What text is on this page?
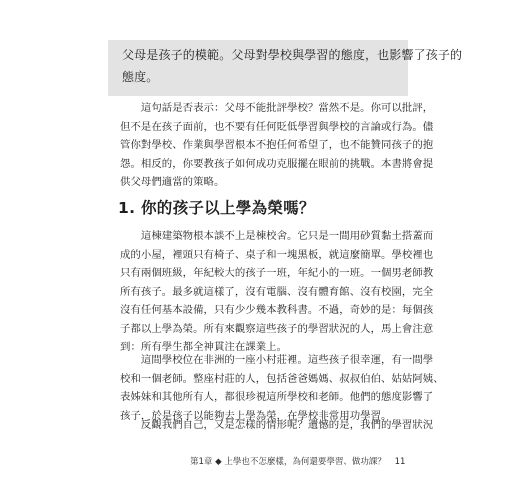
父母是孩子的模範。父母對學校與學習的態度，也影響了孩子的
態度。

　　這句話是否表示：父母不能批評學校？當然不是。你可以批評，
但不是在孩子面前，也不要有任何貶低學習與學校的言論或行為。儘
管你對學校、作業與學習根本不抱任何希望了，也不能贊同孩子的抱
怨。相反的，你要教孩子如何成功克服擺在眼前的挑戰。本書將會提
供父母們適當的策略。

1. 你的孩子以上學為榮嗎？

　　這棟建築物根本談不上是棟校舍。它只是一間用砂質黏土搭蓋而
成的小屋，裡頭只有椅子、桌子和一塊黑板，就這麼簡單。學校裡也
只有兩個班級，年紀較大的孩子一班，年紀小的一班。一個男老師教
所有孩子。最多就這樣了，沒有電腦、沒有體育館、沒有校園，完全
沒有任何基本設備，只有少少幾本教科書。不過，奇妙的是：每個孩
子都以上學為榮。所有來觀察這些孩子的學習狀況的人，馬上會注意
到：所有學生都全神貫注在課業上。

　　這間學校位在非洲的一座小村莊裡。這些孩子很幸運，有一間學
校和一個老師。整座村莊的人，包括爸爸媽媽、叔叔伯伯、姑姑阿姨、
表姊妹和其他所有人，都很珍視這所學校和老師。他們的態度影響了
孩子，於是孩子以能夠去上學為榮，在學校非常用功學習。

　　反觀我們自己，又是怎樣的情形呢？遺憾的是，我們的學習狀況

第1章 ◆ 上學也不怎麼樣，為何還要學習、做功課？ 11
